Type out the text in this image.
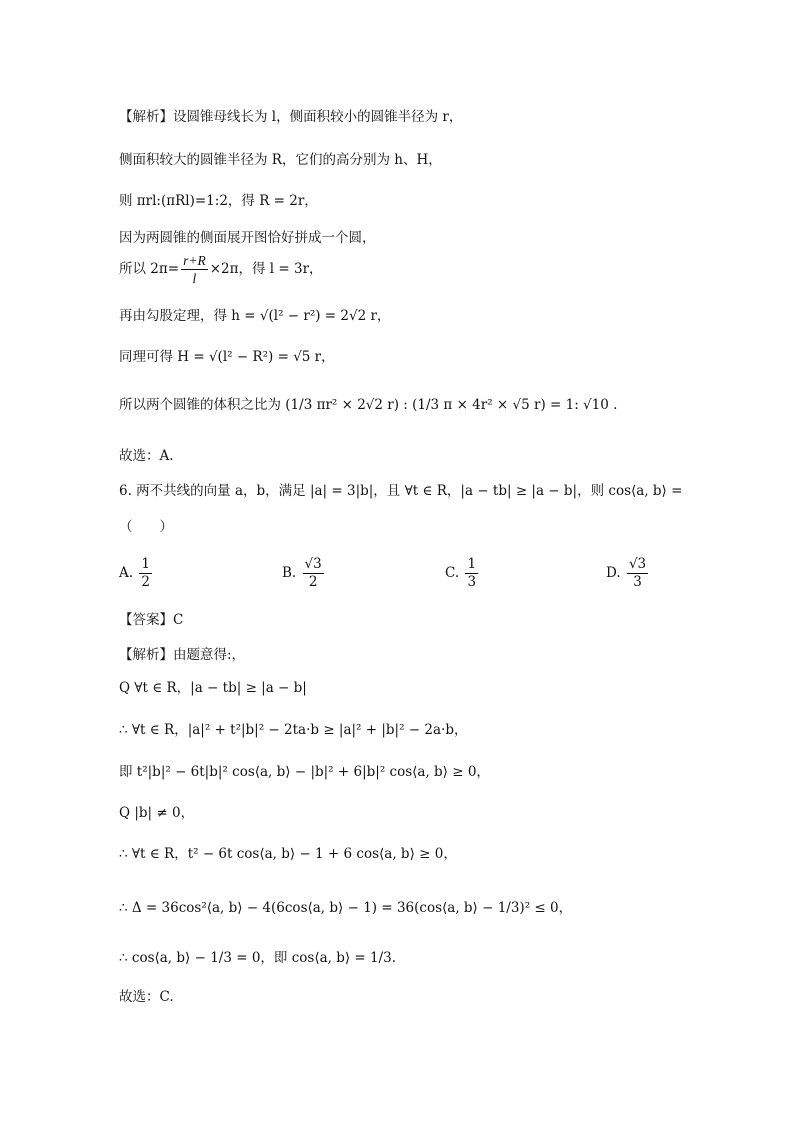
【解析】设圆锥母线长为 l，侧面积较小的圆锥半径为 r，
侧面积较大的圆锥半径为 R，它们的高分别为 h、H，
则 πrl:(πRl)=1:2，得 R = 2r，
因为两圆锥的侧面展开图恰好拼成一个圆，
所以 $2\pi= \frac{r+R}{l} \times 2\pi$，得 l = 3r，
再由勾股定理，得 h = √(l² − r²) = 2√2 r，
同理可得 H = √(l² − R²) = √5 r，
所以两个圆锥的体积之比为 (1/3 πr² × 2√2 r) : (1/3 π × 4r² × √5 r) = 1: √10 .
故选：A.
6. 两不共线的向量 a，b，满足 |a| = 3|b|，且 ∀t ∈ R，|a − tb| ≥ |a − b|，则 cos⟨a, b⟩ =
（　　）
A. $\frac{1}{2}$	B. $\frac{√3}{2}$	C. $\frac{1}{3}$	D. $\frac{√3}{3}$
【答案】C
【解析】由题意得:，
Q ∀t ∈ R，|a − tb| ≥ |a − b|
∴ ∀t ∈ R，|a|² + t²|b|² − 2ta·b ≥ |a|² + |b|² − 2a·b，
即 t²|b|² − 6t|b|² cos⟨a, b⟩ − |b|² + 6|b|² cos⟨a, b⟩ ≥ 0，
Q |b| ≠ 0，
∴ ∀t ∈ R，t² − 6t cos⟨a, b⟩ − 1 + 6 cos⟨a, b⟩ ≥ 0，
∴ Δ = 36cos²⟨a, b⟩ − 4(6cos⟨a, b⟩ − 1) = 36(cos⟨a, b⟩ − 1/3)² ≤ 0，
∴ cos⟨a, b⟩ − 1/3 = 0，即 cos⟨a, b⟩ = 1/3.
故选：C.
